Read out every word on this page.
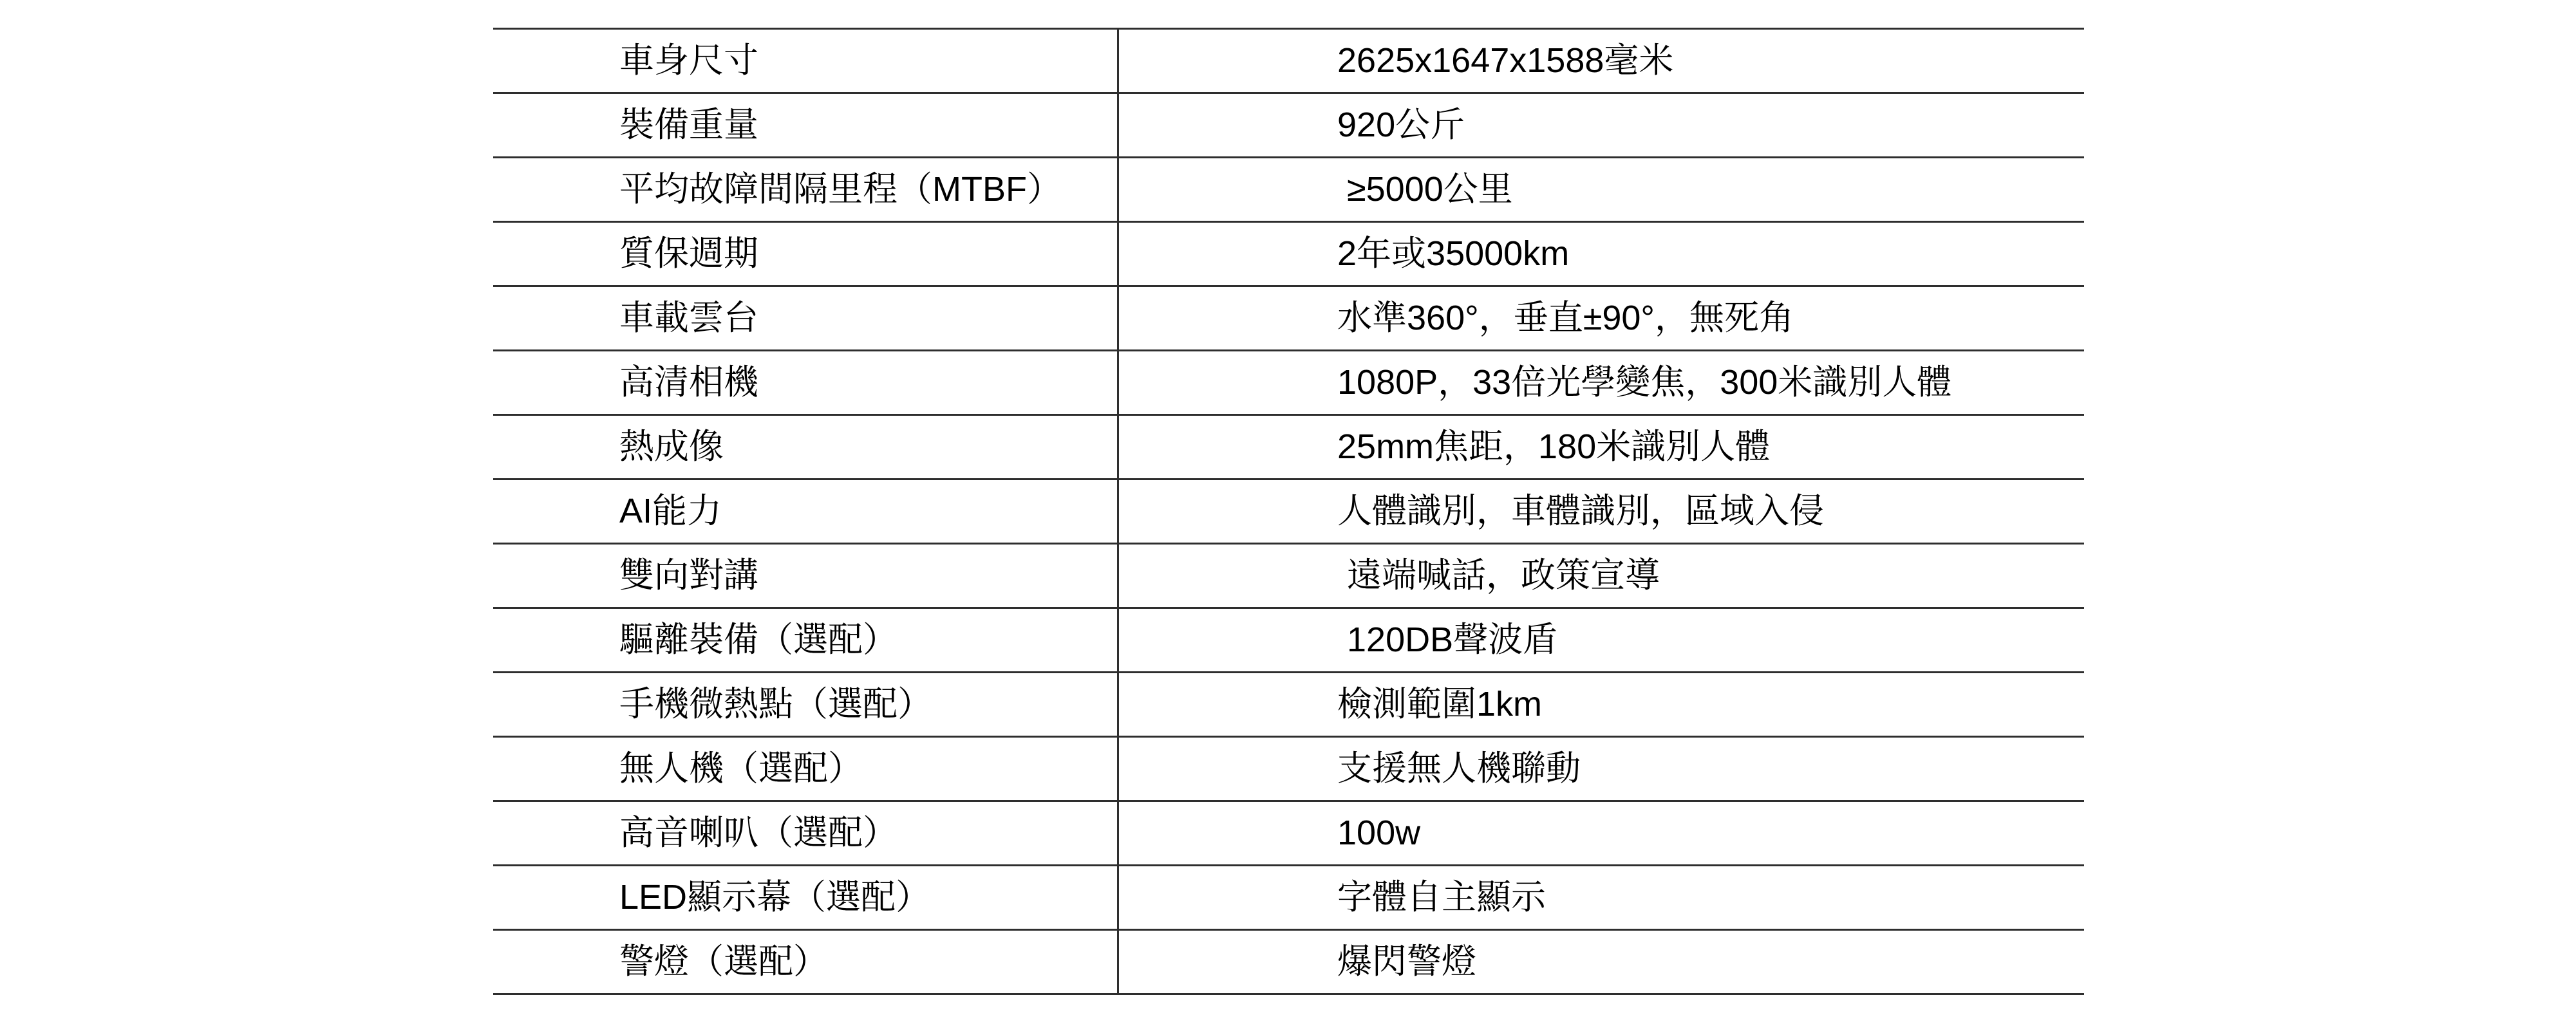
車身尺寸	2625x1647x1588毫米
裝備重量	920公斤
平均故障間隔里程（MTBF）	≥5000公里
質保週期	2年或35000km
車載雲台	水準360°，垂直±90°，無死角
高清相機	1080P，33倍光學變焦，300米識別人體
熱成像	25mm焦距，180米識別人體
AI能力	人體識別，車體識別，區域入侵
雙向對講	遠端喊話，政策宣導
驅離裝備（選配）	120DB聲波盾
手機微熱點（選配）	檢測範圍1km
無人機（選配）	支援無人機聯動
高音喇叭（選配）	100w
LED顯示幕（選配）	字體自主顯示
警燈（選配）	爆閃警燈
